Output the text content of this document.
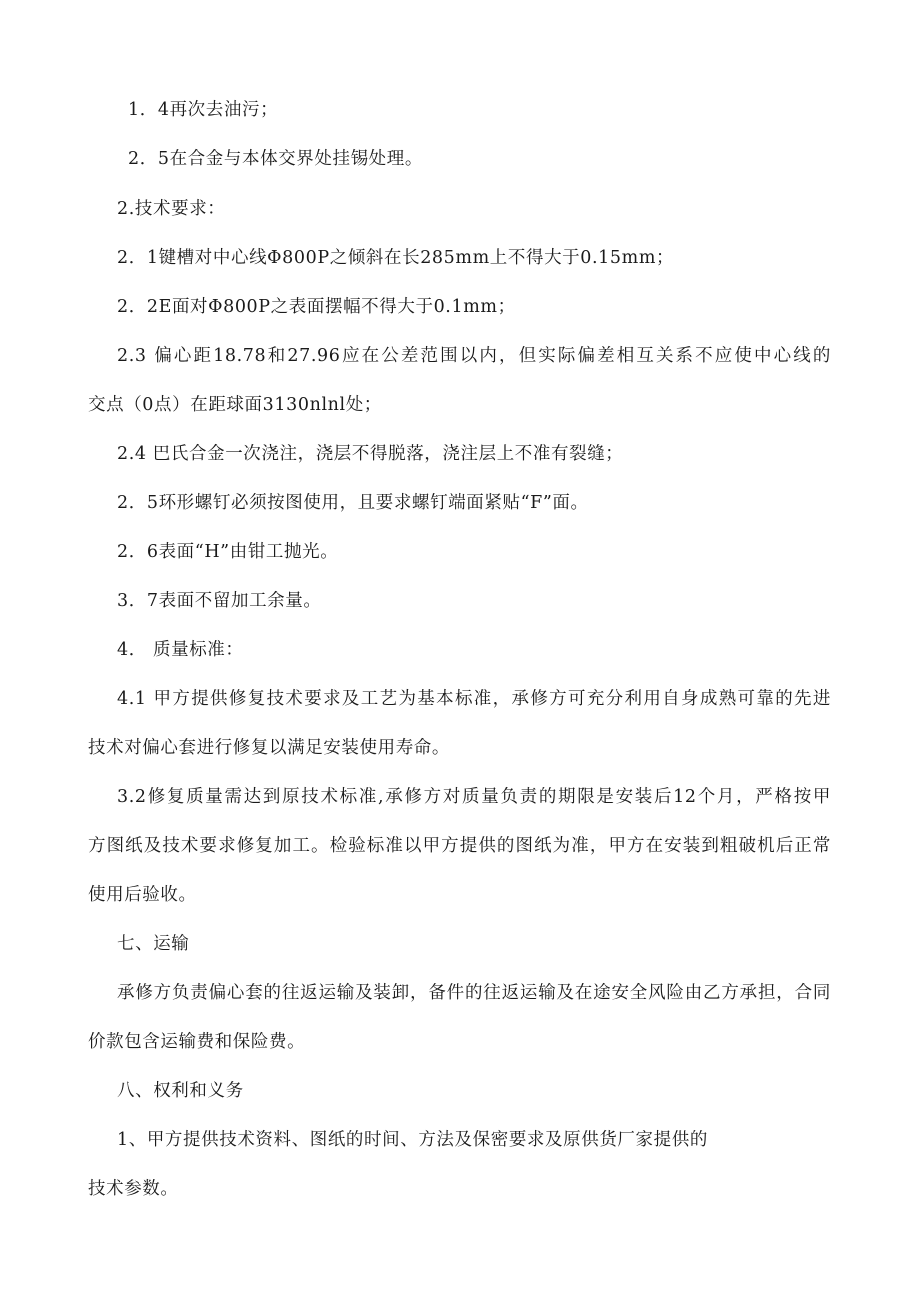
1．4再次去油污；
2．5在合金与本体交界处挂锡处理。
2.技术要求：
2．1键槽对中心线Φ800P之倾斜在长285mm上不得大于0.15mm；
2．2E面对Φ800P之表面摆幅不得大于0.1mm；
2.3 偏心距18.78和27.96应在公差范围以内，但实际偏差相互关系不应使中心线的
交点（0点）在距球面3130nlnl处；
2.4 巴氏合金一次浇注，浇层不得脱落，浇注层上不准有裂缝；
2．5环形螺钉必须按图使用，且要求螺钉端面紧贴“F”面。
2．6表面“H”由钳工抛光。
3．7表面不留加工余量。
4． 质量标准：
4.1 甲方提供修复技术要求及工艺为基本标准，承修方可充分利用自身成熟可靠的先进
技术对偏心套进行修复以满足安装使用寿命。
3.2修复质量需达到原技术标准,承修方对质量负责的期限是安装后12个月，严格按甲
方图纸及技术要求修复加工。检验标准以甲方提供的图纸为准，甲方在安装到粗破机后正常
使用后验收。
七、运输
承修方负责偏心套的往返运输及装卸，备件的往返运输及在途安全风险由乙方承担，合同
价款包含运输费和保险费。
八、权利和义务
1、甲方提供技术资料、图纸的时间、方法及保密要求及原供货厂家提供的
技术参数。
